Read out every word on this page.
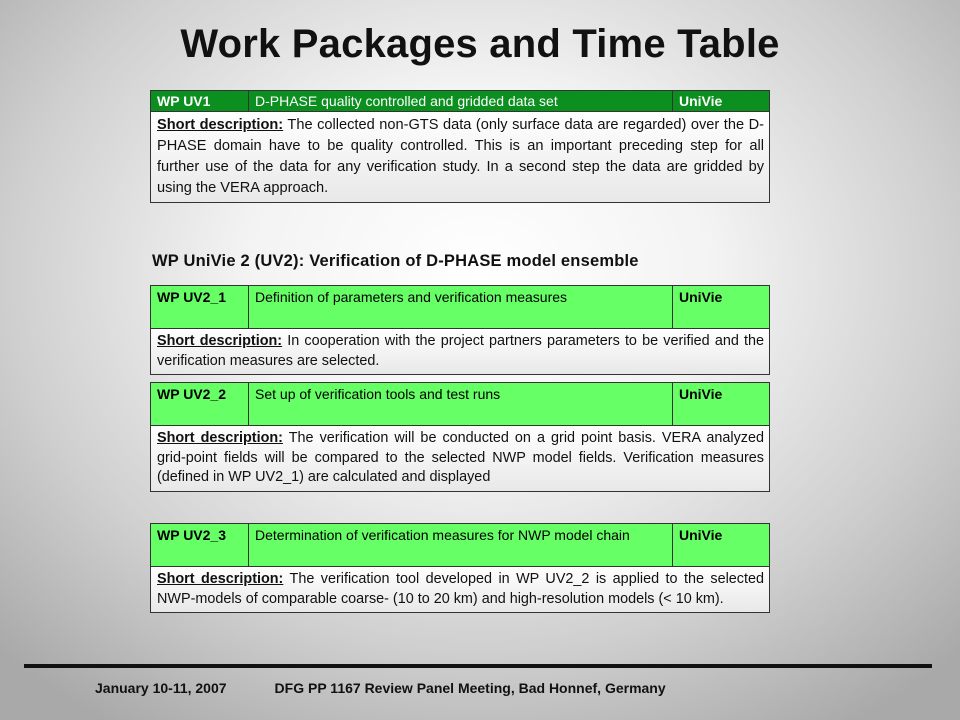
Work Packages and Time Table
WP UV1	D-PHASE quality controlled and gridded data set	UniVie
Short description: The collected non-GTS data (only surface data are regarded) over the D-PHASE domain have to be quality controlled. This is an important preceding step for all further use of the data for any verification study. In a second step the data are gridded by using the VERA approach.
WP UniVie 2 (UV2): Verification of D-PHASE model ensemble
WP UV2_1	Definition of parameters and verification measures	UniVie
Short description: In cooperation with the project partners parameters to be verified and the verification measures are selected.
WP UV2_2	Set up of verification tools and test runs	UniVie
Short description: The verification will be conducted on a grid point basis. VERA analyzed grid-point fields will be compared to the selected NWP model fields. Verification measures (defined in WP UV2_1) are calculated and displayed
WP UV2_3	Determination of verification measures for NWP model chain	UniVie
Short description: The verification tool developed in WP UV2_2 is applied to the selected NWP-models of comparable coarse- (10 to 20 km) and high-resolution models (< 10 km).
January 10-11, 2007	DFG PP 1167 Review Panel Meeting, Bad Honnef, Germany
